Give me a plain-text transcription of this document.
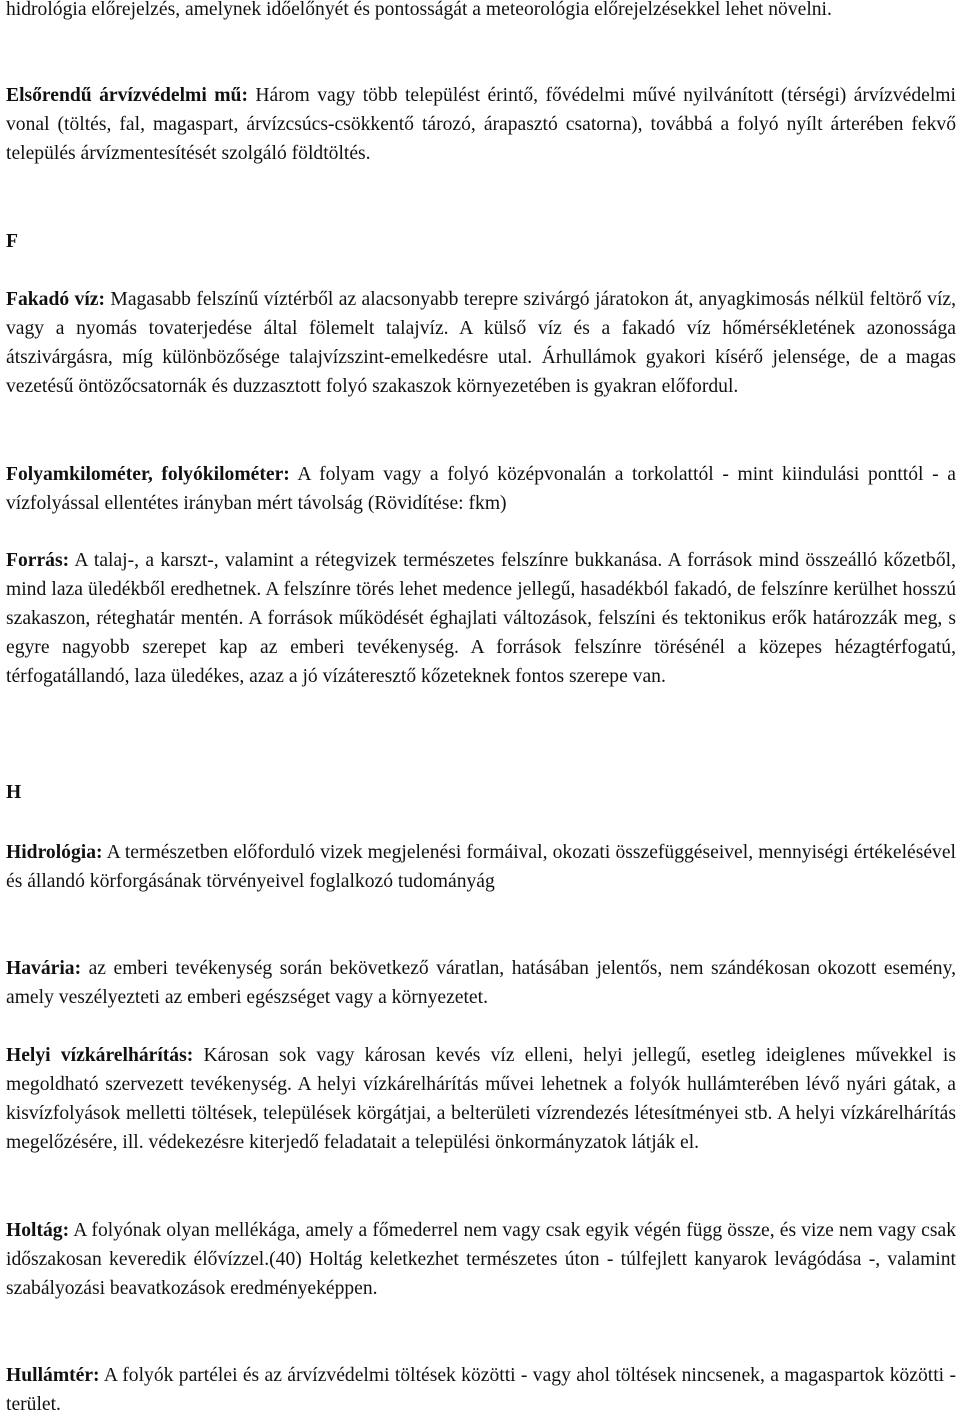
hidrológia előrejelzés, amelynek időelőnyét és pontosságát a meteorológia előrejelzésekkel lehet növelni.

Elsőrendű árvízvédelmi mű: Három vagy több települést érintő, fővédelmi művé nyilvánított (térségi) árvízvédelmi vonal (töltés, fal, magaspart, árvízcsúcs-csökkentő tározó, árapasztó csatorna), továbbá a folyó nyílt árterében fekvő település árvízmentesítését szolgáló földtöltés.

F

Fakadó víz: Magasabb felszínű víztérből az alacsonyabb terepre szivárgó járatokon át, anyagkimosás nélkül feltörő víz, vagy a nyomás tovaterjedése által fölemelt talajvíz. A külső víz és a fakadó víz hőmérsékletének azonossága átszivárgásra, míg különbözősége talajvízszint-emelkedésre utal. Árhullámok gyakori kísérő jelensége, de a magas vezetésű öntözőcsatornák és duzzasztott folyó szakaszok környezetében is gyakran előfordul.

Folyamkilométer, folyókilométer: A folyam vagy a folyó középvonalán a torkolattól - mint kiindulási ponttól - a vízfolyással ellentétes irányban mért távolság (Rövidítése: fkm)

Forrás: A talaj-, a karszt-, valamint a rétegvizek természetes felszínre bukkanása. A források mind összeálló kőzetből, mind laza üledékből eredhetnek. A felszínre törés lehet medence jellegű, hasadékból fakadó, de felszínre kerülhet hosszú szakaszon, réteghatár mentén. A források működését éghajlati változások, felszíni és tektonikus erők határozzák meg, s egyre nagyobb szerepet kap az emberi tevékenység. A források felszínre törésénél a közepes hézagtérfogatú, térfogatállandó, laza üledékes, azaz a jó vízáteresztő kőzeteknek fontos szerepe van.

H

Hidrológia: A természetben előforduló vizek megjelenési formáival, okozati összefüggéseivel, mennyiségi értékelésével és állandó körforgásának törvényeivel foglalkozó tudományág

Havária: az emberi tevékenység során bekövetkező váratlan, hatásában jelentős, nem szándékosan okozott esemény, amely veszélyezteti az emberi egészséget vagy a környezetet.

Helyi vízkárelhárítás: Károsan sok vagy károsan kevés víz elleni, helyi jellegű, esetleg ideiglenes művekkel is megoldható szervezett tevékenység. A helyi vízkárelhárítás művei lehetnek a folyók hullámterében lévő nyári gátak, a kisvízfolyások melletti töltések, települések körgátjai, a belterületi vízrendezés létesítményei stb. A helyi vízkárelhárítás megelőzésére, ill. védekezésre kiterjedő feladatait a települési önkormányzatok látják el.

Holtág: A folyónak olyan mellékága, amely a főmederrel nem vagy csak egyik végén függ össze, és vize nem vagy csak időszakosan keveredik élővízzel.(40) Holtág keletkezhet természetes úton - túlfejlett kanyarok levágódása -, valamint szabályozási beavatkozások eredményeképpen.

Hullámtér: A folyók partélei és az árvízvédelmi töltések közötti - vagy ahol töltések nincsenek, a magaspartok közötti - terület.
